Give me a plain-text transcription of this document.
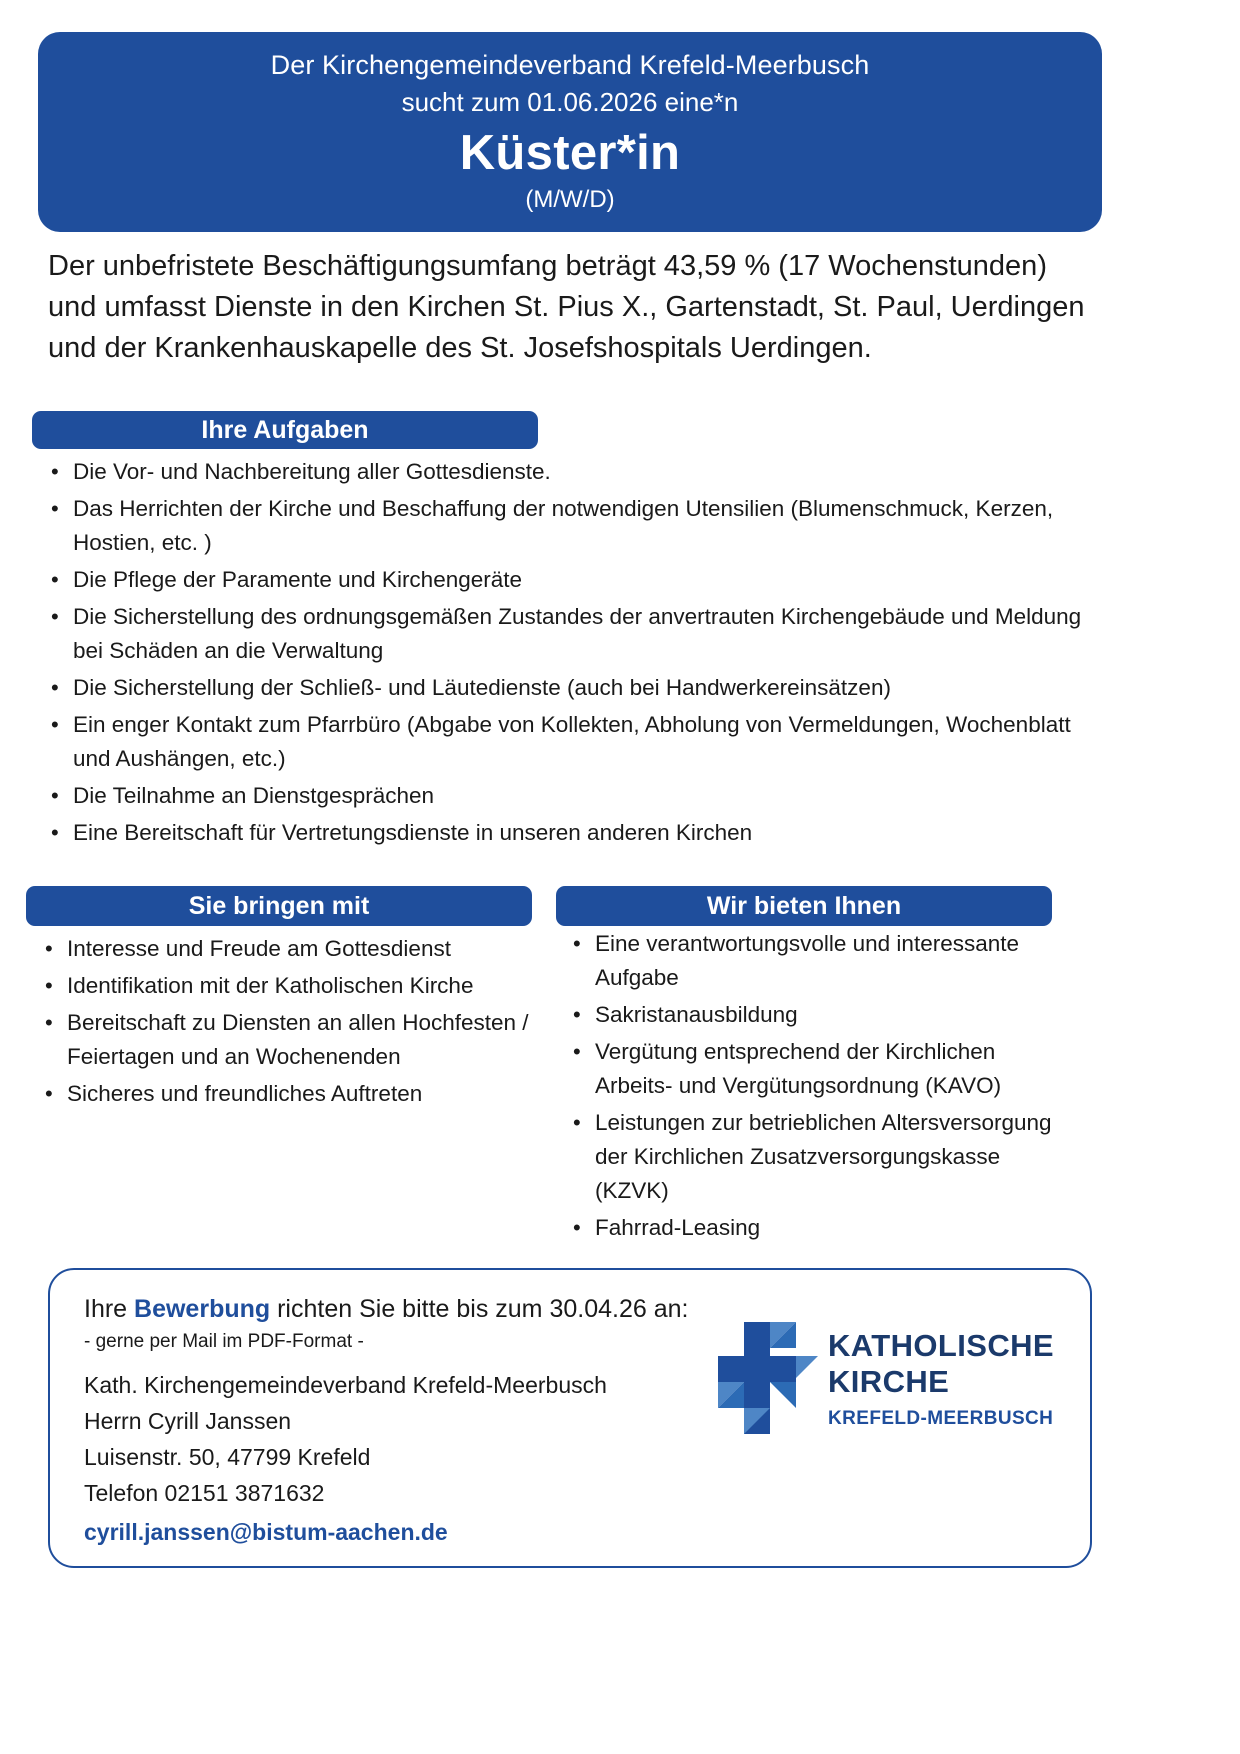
Der Kirchengemeindeverband Krefeld-Meerbusch
sucht zum 01.06.2026 eine*n
Küster*in
(M/W/D)

Der unbefristete Beschäftigungsumfang beträgt 43,59 % (17 Wochenstunden) und umfasst Dienste in den Kirchen St. Pius X., Gartenstadt, St. Paul, Uerdingen und der Krankenhauskapelle des St. Josefshospitals Uerdingen.

Ihre Aufgaben
• Die Vor- und Nachbereitung aller Gottesdienste.
• Das Herrichten der Kirche und Beschaffung der notwendigen Utensilien (Blumenschmuck, Kerzen, Hostien, etc. )
• Die Pflege der Paramente und Kirchengeräte
• Die Sicherstellung des ordnungsgemäßen Zustandes der anvertrauten Kirchengebäude und Meldung bei Schäden an die Verwaltung
• Die Sicherstellung der Schließ- und Läutedienste (auch bei Handwerkereinsätzen)
• Ein enger Kontakt zum Pfarrbüro (Abgabe von Kollekten, Abholung von Vermeldungen, Wochenblatt und Aushängen, etc.)
• Die Teilnahme an Dienstgesprächen
• Eine Bereitschaft für Vertretungsdienste in unseren anderen Kirchen
Sie bringen mit
• Interesse und Freude am Gottesdienst
• Identifikation mit der Katholischen Kirche
• Bereitschaft zu Diensten an allen Hochfesten / Feiertagen und an Wochenenden
• Sicheres und freundliches Auftreten
Wir bieten Ihnen
• Eine verantwortungsvolle und interessante Aufgabe
• Sakristanausbildung
• Vergütung entsprechend der Kirchlichen Arbeits- und Vergütungsordnung (KAVO)
• Leistungen zur betrieblichen Altersversorgung der Kirchlichen Zusatzversorgungskasse (KZVK)
• Fahrrad-Leasing
Ihre Bewerbung richten Sie bitte bis zum 30.04.26 an:
- gerne per Mail im PDF-Format -
Kath. Kirchengemeindeverband Krefeld-Meerbusch
Herrn Cyrill Janssen
Luisenstr. 50, 47799 Krefeld
Telefon 02151 3871632
cyrill.janssen@bistum-aachen.de
KATHOLISCHE
KIRCHE
KREFELD-MEERBUSCH
